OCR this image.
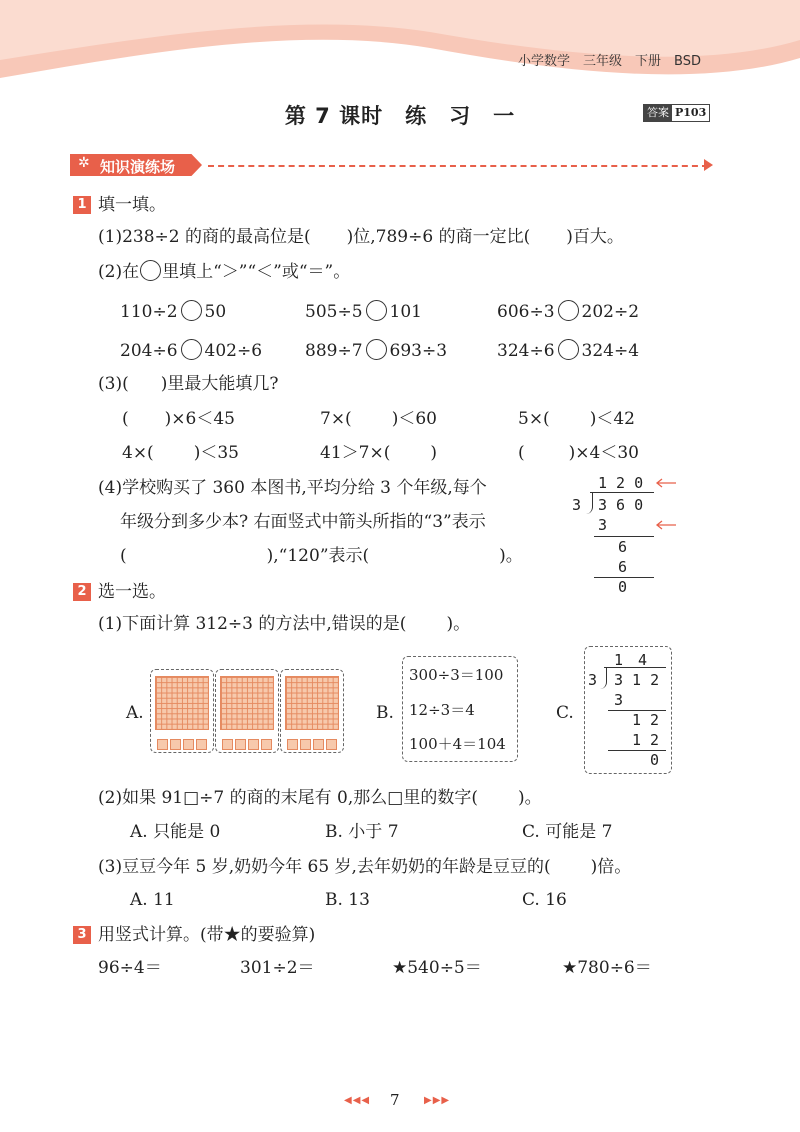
小学数学　三年级　下册　BSD
第 7 课时　练　习　一	答案 P103
✲ 知识演练场
1 填一填。
(1)238÷2 的商的最高位是( )位,789÷6 的商一定比( )百大。
(2)在 里填上“＞”“＜”或“＝”。
110÷2 50	505÷5 101	606÷3 202÷2
204÷6 402÷6	889÷7 693÷3	324÷6 324÷4
(3)( )里最大能填几?
( )×6＜45	7×( )＜60	5×( )＜42
4×( )＜35	41＞7×( )	(	)×4＜30
(4)学校购买了 360 本图书,平均分给 3 个年级,每个
年级分到多少本? 右面竖式中箭头所指的“3”表示
(	),“120”表示(	)。
1 2 0
3 3 6 0
3
6
6
0
2 选一选。
(1)下面计算 312÷3 的方法中,错误的是( )。
A.	B.
300÷3＝100
12÷3＝4
100＋4＝104
C.
1　4
3 3 1 2
3
1 2
1 2
0
(2)如果 91□÷7 的商的末尾有 0,那么□里的数字( )。
A. 只能是 0	B. 小于 7	C. 可能是 7
(3)豆豆今年 5 岁,奶奶今年 65 岁,去年奶奶的年龄是豆豆的( )倍。
A. 11	B. 13	C. 16
3 用竖式计算。(带★的要验算)
96÷4＝	301÷2＝	★540÷5＝	★780÷6＝
◀◀◀ 7 ▶▶▶
